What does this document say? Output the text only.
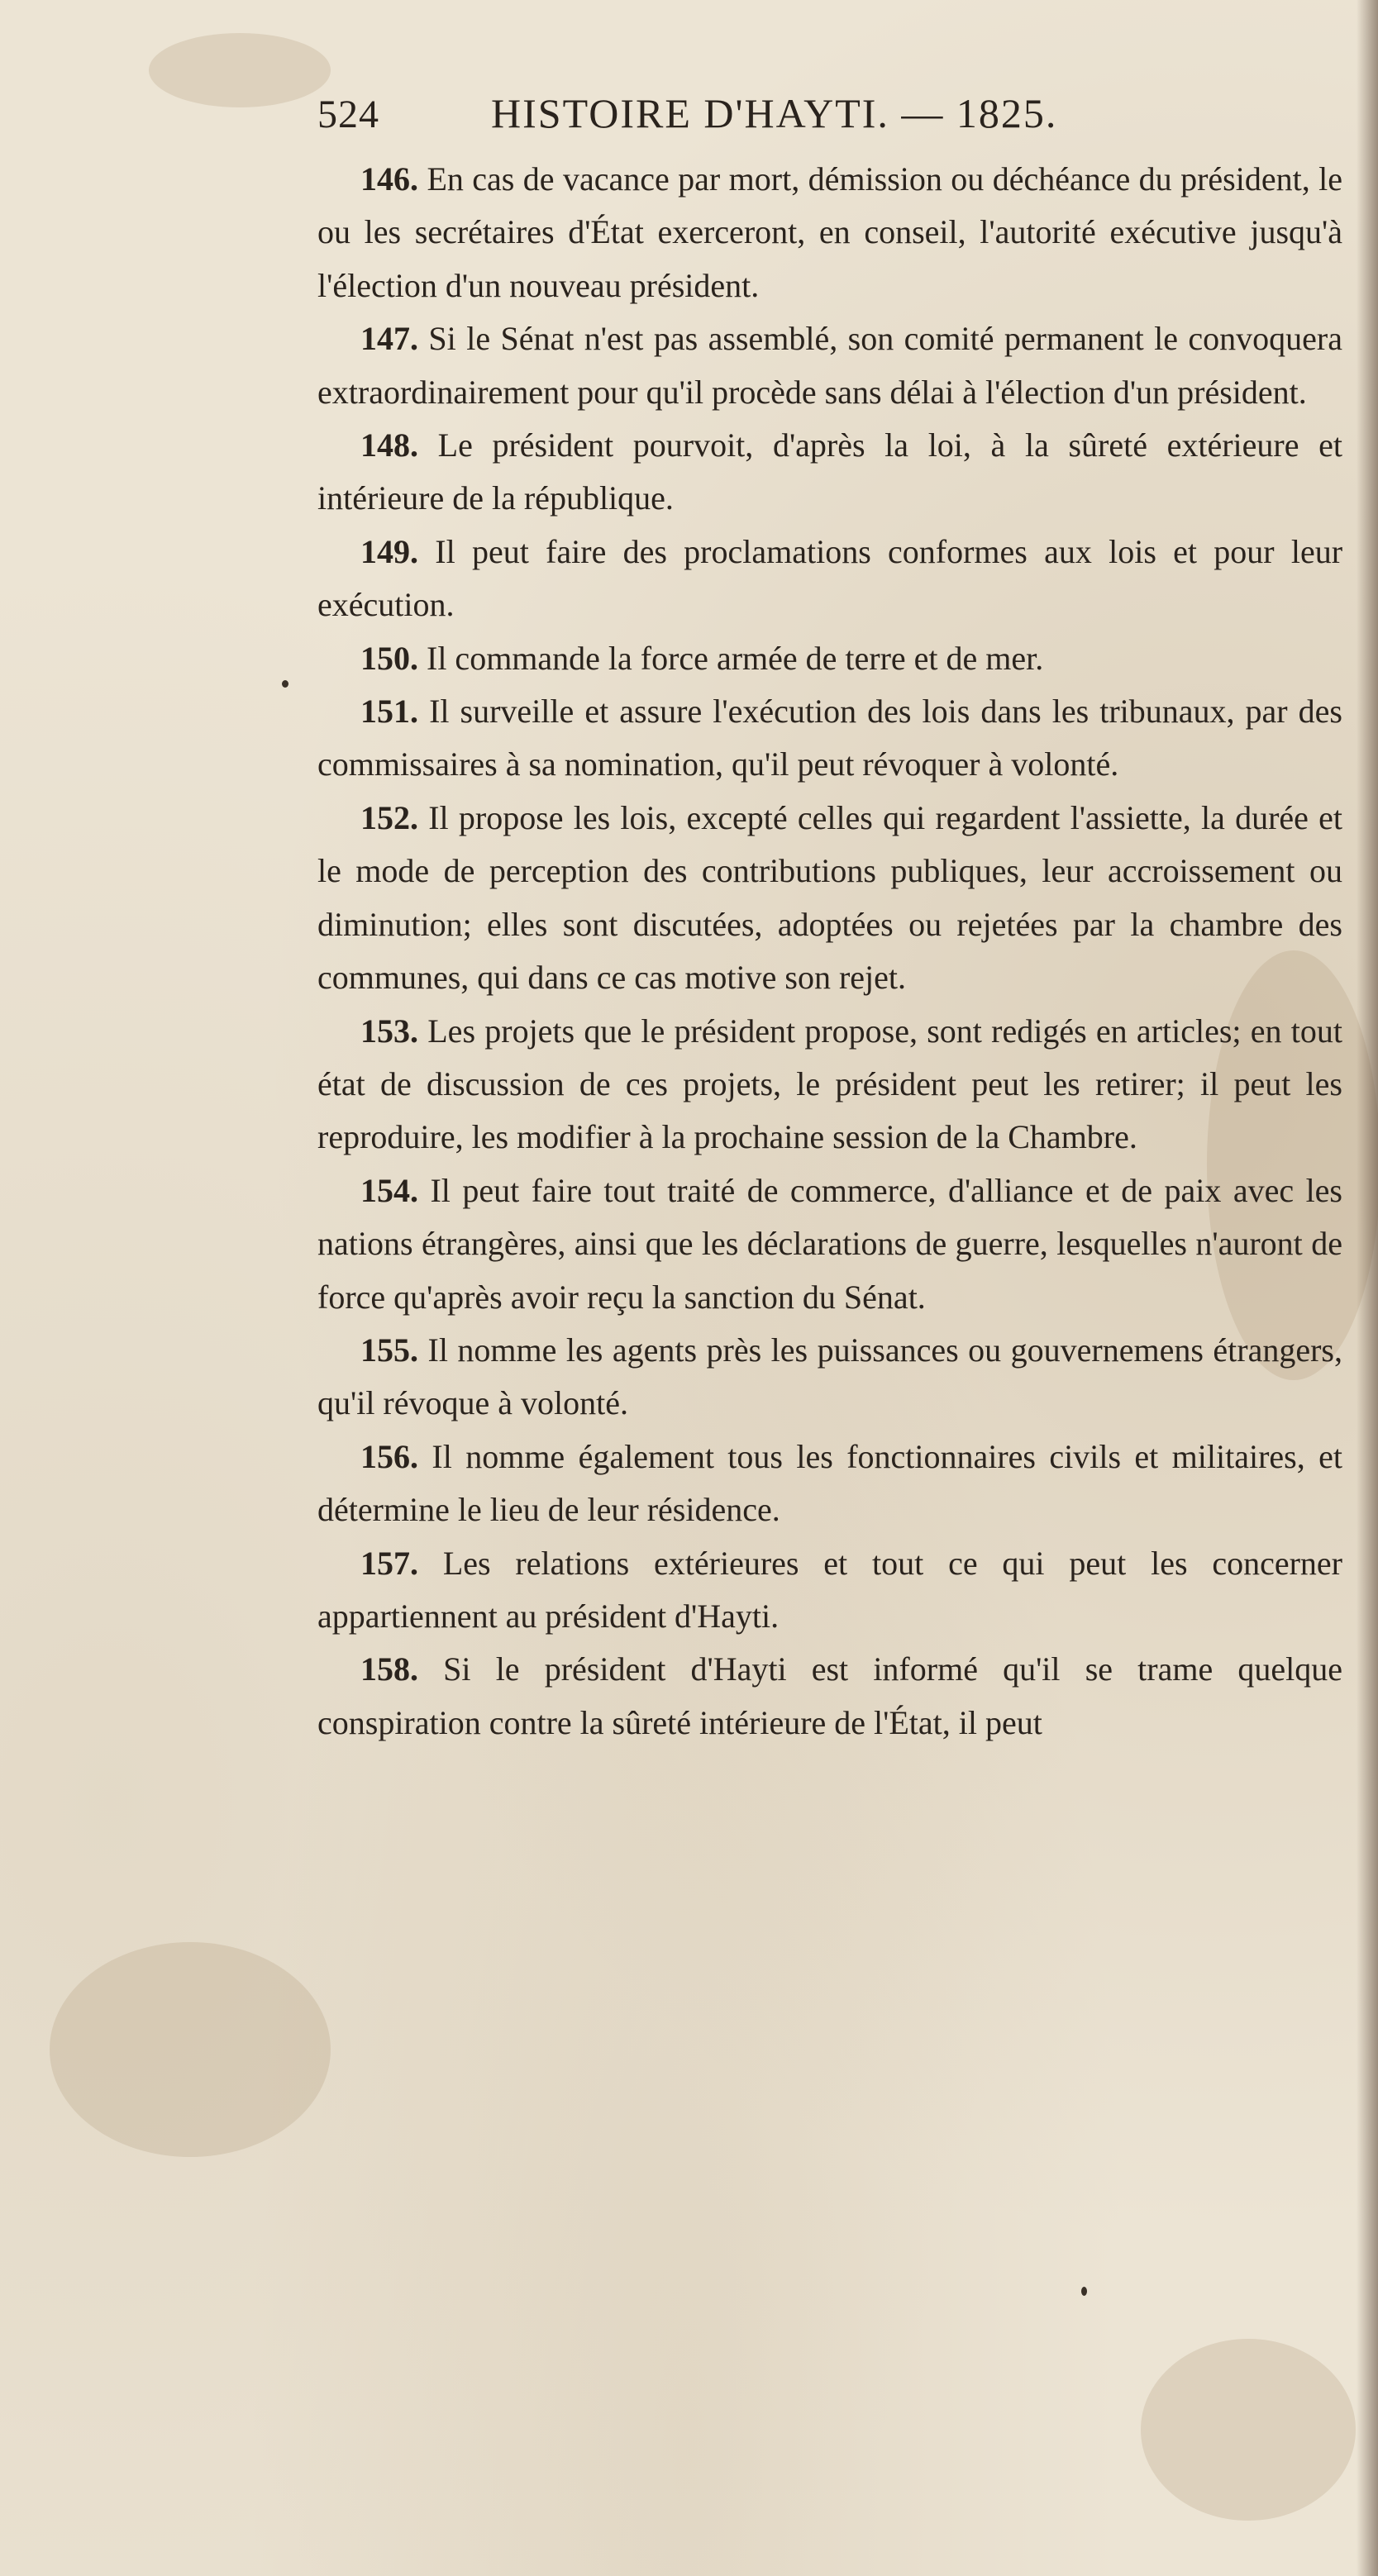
524	HISTOIRE D'HAYTI. — 1825.

146. En cas de vacance par mort, démission ou déchéance du président, le ou les secrétaires d'État exerceront, en conseil, l'autorité exécutive jusqu'à l'élection d'un nouveau président.

147. Si le Sénat n'est pas assemblé, son comité permanent le convoquera extraordinairement pour qu'il procède sans délai à l'élection d'un président.

148. Le président pourvoit, d'après la loi, à la sûreté extérieure et intérieure de la république.

149. Il peut faire des proclamations conformes aux lois et pour leur exécution.

150. Il commande la force armée de terre et de mer.

151. Il surveille et assure l'exécution des lois dans les tribunaux, par des commissaires à sa nomination, qu'il peut révoquer à volonté.

152. Il propose les lois, excepté celles qui regardent l'assiette, la durée et le mode de perception des contributions publiques, leur accroissement ou diminution; elles sont discutées, adoptées ou rejetées par la chambre des communes, qui dans ce cas motive son rejet.

153. Les projets que le président propose, sont redigés en articles; en tout état de discussion de ces projets, le président peut les retirer; il peut les reproduire, les modifier à la prochaine session de la Chambre.

154. Il peut faire tout traité de commerce, d'alliance et de paix avec les nations étrangères, ainsi que les déclarations de guerre, lesquelles n'auront de force qu'après avoir reçu la sanction du Sénat.

155. Il nomme les agents près les puissances ou gouvernemens étrangers, qu'il révoque à volonté.

156. Il nomme également tous les fonctionnaires civils et militaires, et détermine le lieu de leur résidence.

157. Les relations extérieures et tout ce qui peut les concerner appartiennent au président d'Hayti.

158. Si le président d'Hayti est informé qu'il se trame quelque conspiration contre la sûreté intérieure de l'État, il peut
